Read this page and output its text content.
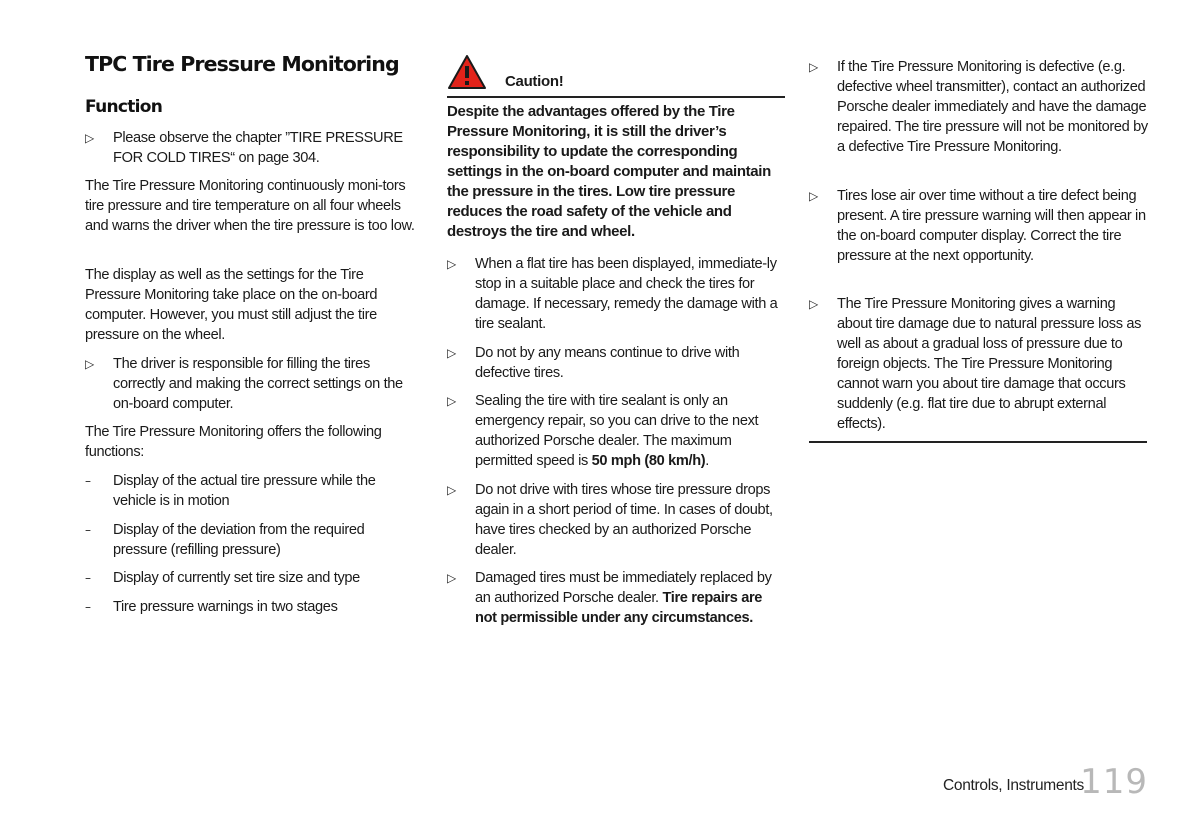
TPC Tire Pressure Monitoring
Function
▷	Please observe the chapter ”TIRE PRESSURE FOR COLD TIRES“ on page 304.

The Tire Pressure Monitoring continuously moni-tors tire pressure and tire temperature on all four wheels and warns the driver when the tire pressure is too low.

The display as well as the settings for the Tire Pressure Monitoring take place on the on-board computer. However, you must still adjust the tire pressure on the wheel.

▷	The driver is responsible for filling the tires correctly and making the correct settings on the on-board computer.

The Tire Pressure Monitoring offers the following functions:

–	Display of the actual tire pressure while the vehicle is in motion
–	Display of the deviation from the required pressure (refilling pressure)
–	Display of currently set tire size and type
–	Tire pressure warnings in two stages
Caution!
Despite the advantages offered by the Tire Pressure Monitoring, it is still the driver’s responsibility to update the corresponding settings in the on-board computer and maintain the pressure in the tires. Low tire pressure reduces the road safety of the vehicle and destroys the tire and wheel.
▷	When a flat tire has been displayed, immediate-ly stop in a suitable place and check the tires for damage. If necessary, remedy the damage with a tire sealant.
▷	Do not by any means continue to drive with defective tires.
▷	Sealing the tire with tire sealant is only an emergency repair, so you can drive to the next authorized Porsche dealer. The maximum permitted speed is 50 mph (80 km/h).
▷	Do not drive with tires whose tire pressure drops again in a short period of time. In cases of doubt, have tires checked by an authorized Porsche dealer.
▷	Damaged tires must be immediately replaced by an authorized Porsche dealer. Tire repairs are not permissible under any circumstances.
▷	If the Tire Pressure Monitoring is defective (e.g. defective wheel transmitter), contact an authorized Porsche dealer immediately and have the damage repaired. The tire pressure will not be monitored by a defective Tire Pressure Monitoring.
▷	Tires lose air over time without a tire defect being present. A tire pressure warning will then appear in the on-board computer display. Correct the tire pressure at the next opportunity.
▷	The Tire Pressure Monitoring gives a warning about tire damage due to natural pressure loss as well as about a gradual loss of pressure due to foreign objects. The Tire Pressure Monitoring cannot warn you about tire damage that occurs suddenly (e.g. flat tire due to abrupt external effects).
Controls, Instruments
119
